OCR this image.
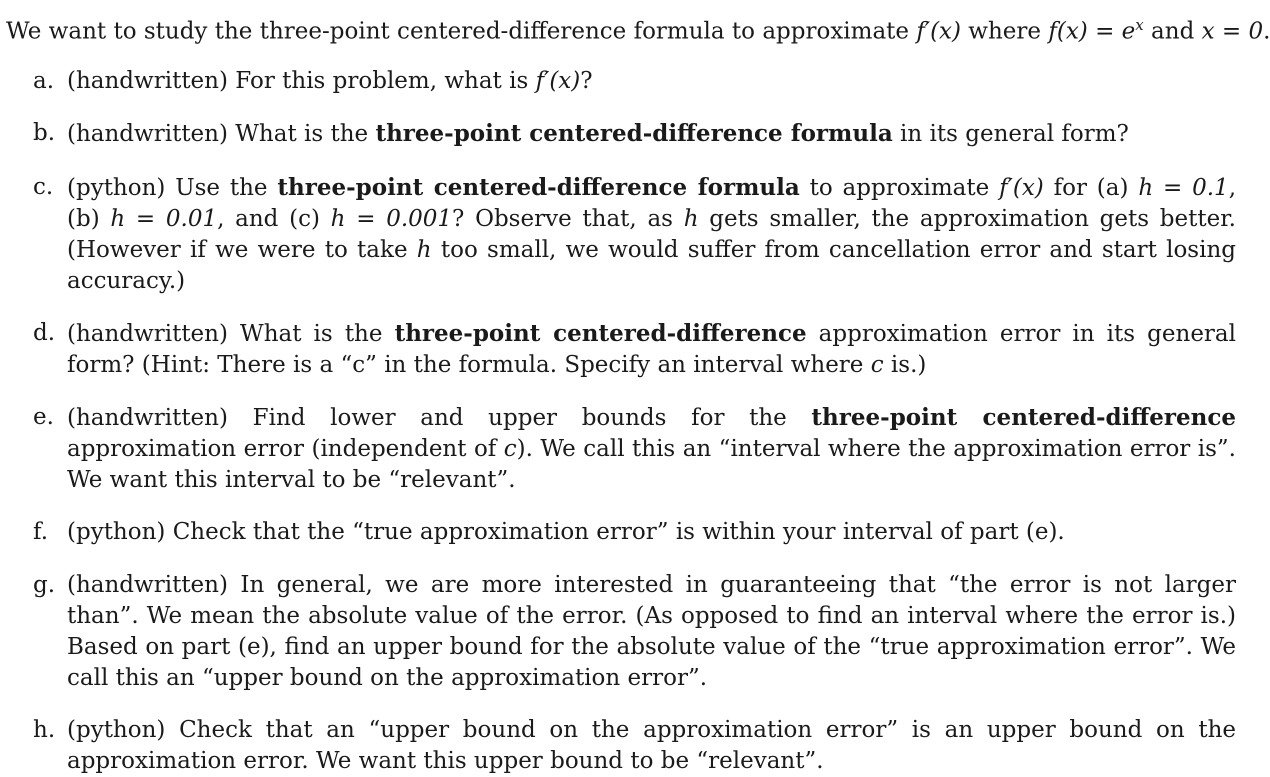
We want to study the three-point centered-difference formula to approximate f′(x) where $f(x) = e^x$ and x = 0.
a. (handwritten) For this problem, what is f′(x)?
b. (handwritten) What is the three-point centered-difference formula in its general form?
c. (python) Use the three-point centered-difference formula to approximate f′(x) for (a) h = 0.1, (b) h = 0.01, and (c) h = 0.001? Observe that, as h gets smaller, the approximation gets better. (However if we were to take h too small, we would suffer from cancellation error and start losing accuracy.)
d. (handwritten) What is the three-point centered-difference approximation error in its general form? (Hint: There is a “c” in the formula. Specify an interval where c is.)
e. (handwritten) Find lower and upper bounds for the three-point centered-difference approximation error (independent of c). We call this an “interval where the approximation error is”. We want this interval to be “relevant”.
f. (python) Check that the “true approximation error” is within your interval of part (e).
g. (handwritten) In general, we are more interested in guaranteeing that “the error is not larger than”. We mean the absolute value of the error. (As opposed to find an interval where the error is.) Based on part (e), find an upper bound for the absolute value of the “true approximation error”. We call this an “upper bound on the approximation error”.
h. (python) Check that an “upper bound on the approximation error” is an upper bound on the approximation error. We want this upper bound to be “relevant”.
